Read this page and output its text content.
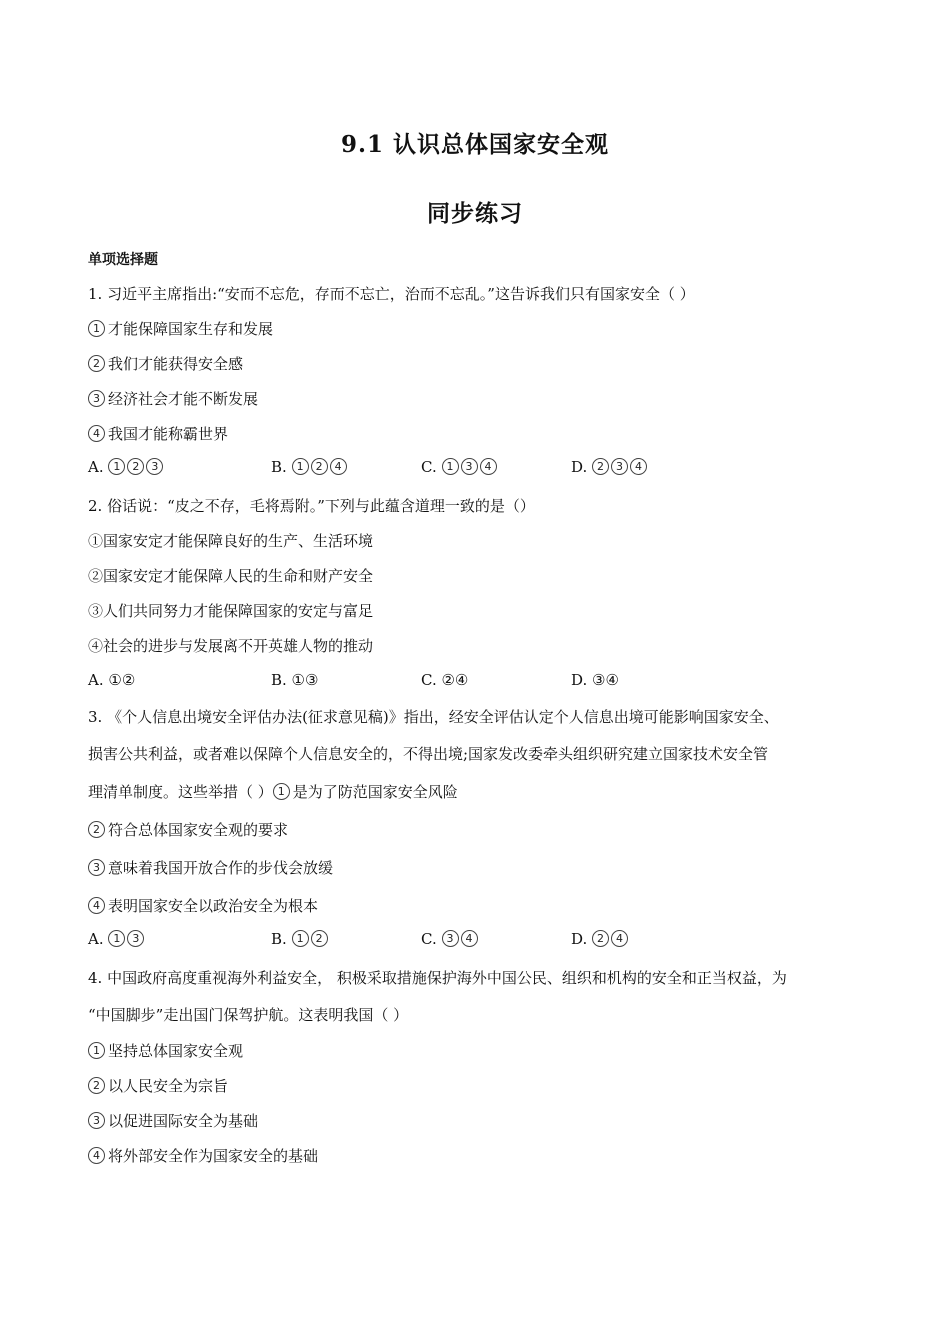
9.1 认识总体国家安全观
同步练习
单项选择题
1. 习近平主席指出:“安而不忘危，存而不忘亡，治而不忘乱。”这告诉我们只有国家安全（ ）
1 才能保障国家生存和发展
2 我们才能获得安全感
3 经济社会才能不断发展
4 我国才能称霸世界
A. 1 2 3	B. 1 2 4	C. 1 3 4	D. 2 3 4
2. 俗话说：“皮之不存，毛将焉附。”下列与此蕴含道理一致的是（）
①国家安定才能保障良好的生产、生活环境
②国家安定才能保障人民的生命和财产安全
③人们共同努力才能保障国家的安定与富足
④社会的进步与发展离不开英雄人物的推动
A. ①②	B. ①③	C. ②④	D. ③④
3. 《个人信息出境安全评估办法(征求意见稿)》指出，经安全评估认定个人信息出境可能影响国家安全、
损害公共利益，或者难以保障个人信息安全的，不得出境;国家发改委牵头组织研究建立国家技术安全管
理清单制度。这些举措（ ） 1 是为了防范国家安全风险
2 符合总体国家安全观的要求
3 意味着我国开放合作的步伐会放缓
4 表明国家安全以政治安全为根本
A. 1 3	B. 1 2	C. 3 4	D. 2 4
4. 中国政府高度重视海外利益安全， 积极采取措施保护海外中国公民、组织和机构的安全和正当权益，为
“中国脚步”走出国门保驾护航。这表明我国（ ）
1 坚持总体国家安全观
2 以人民安全为宗旨
3 以促进国际安全为基础
4 将外部安全作为国家安全的基础
